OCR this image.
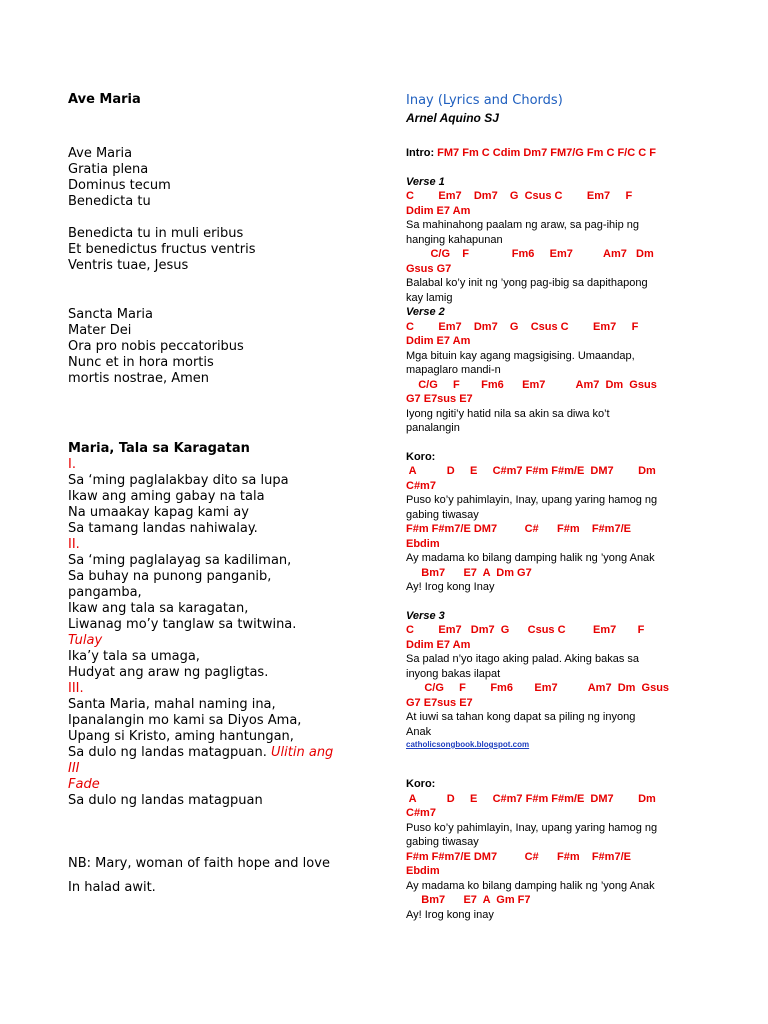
Ave Maria
Ave Maria
Gratia plena
Dominus tecum
Benedicta tu
Benedicta tu in muli eribus
Et benedictus fructus ventris
Ventris tuae, Jesus
Sancta Maria
Mater Dei
Ora pro nobis peccatoribus
Nunc et in hora mortis
mortis nostrae, Amen
Maria, Tala sa Karagatan
I.
Sa ‘ming paglalakbay dito sa lupa
Ikaw ang aming gabay na tala
Na umaakay kapag kami ay
Sa tamang landas nahiwalay.
II.
Sa ‘ming paglalayag sa kadiliman,
Sa buhay na punong panganib,
pangamba,
Ikaw ang tala sa karagatan,
Liwanag mo’y tanglaw sa twitwina.
Tulay
Ika’y tala sa umaga,
Hudyat ang araw ng pagligtas.
III.
Santa Maria, mahal naming ina,
Ipanalangin mo kami sa Diyos Ama,
Upang si Kristo, aming hantungan,
Sa dulo ng landas matagpuan. Ulitin ang
III
Fade
Sa dulo ng landas matagpuan
NB: Mary, woman of faith hope and love
In halad awit.
Inay (Lyrics and Chords)
Arnel Aquino SJ
Intro: FM7 Fm C Cdim Dm7 FM7/G Fm C F/C C F
Verse 1
C        Em7    Dm7    G  Csus C        Em7     F
Ddim E7 Am
Sa mahinahong paalam ng araw, sa pag-ihip ng
hanging kahapunan
C/G    F              Fm6     Em7          Am7   Dm
Gsus G7
Balabal ko’y init ng ’yong pag-ibig sa dapithapong
kay lamig
Verse 2
C        Em7    Dm7    G    Csus C        Em7     F
Ddim E7 Am
Mga bituin kay agang magsigising. Umaandap,
mapaglaro mandi-n
C/G     F       Fm6      Em7          Am7  Dm  Gsus
G7 E7sus E7
Iyong ngiti’y hatid nila sa akin sa diwa ko’t
panalangin
Koro:
A          D     E     C#m7 F#m F#m/E  DM7        Dm
C#m7
Puso ko’y pahimlayin, Inay, upang yaring hamog ng
gabing tiwasay
F#m F#m7/E DM7         C#      F#m    F#m7/E
Ebdim
Ay madama ko bilang damping halik ng ’yong Anak
Bm7      E7  A  Dm G7
Ay! Irog kong Inay
Verse 3
C        Em7   Dm7  G      Csus C         Em7       F
Ddim E7 Am
Sa palad n’yo itago aking palad. Aking bakas sa
inyong bakas ilapat
C/G     F        Fm6       Em7          Am7  Dm  Gsus
G7 E7sus E7
At iuwi sa tahan kong dapat sa piling ng inyong
Anak
catholicsongbook.blogspot.com
Koro:
A          D     E     C#m7 F#m F#m/E  DM7        Dm
C#m7
Puso ko’y pahimlayin, Inay, upang yaring hamog ng
gabing tiwasay
F#m F#m7/E DM7         C#      F#m    F#m7/E
Ebdim
Ay madama ko bilang damping halik ng ’yong Anak
Bm7      E7  A  Gm F7
Ay! Irog kong inay
